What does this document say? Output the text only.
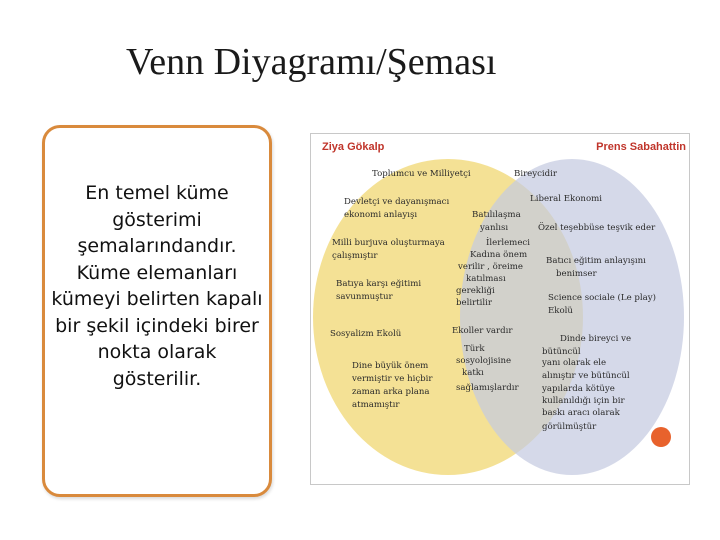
Venn Diyagramı/Şeması
En temel küme gösterimi şemalarındandır. Küme elemanları kümeyi belirten kapalı bir şekil içindeki birer nokta olarak gösterilir.
Ziya Gökalp	Prens Sabahattin
Toplumcu ve Milliyetçi
Devletçi ve dayanışmacı
ekonomi anlayışı
Milli burjuva oluşturmaya
çalışmıştır
Batıya karşı eğitimi
savunmuştur
Sosyalizm Ekolü
Dine büyük önem
vermiştir ve hiçbir
zaman arka plana
atmamıştır
Batılılaşma
yanlısı
İlerlemeci
Kadına önem
verilir , öreime
katılması
gerekliği
belirtilir
Ekoller vardır
Türk
sosyolojisine
katkı
sağlamışlardır
Bireycidir
Liberal Ekonomi
Özel teşebbüse teşvik eder
Batıcı eğitim anlayışını
benimser
Science sociale (Le play)
Ekolü
Dinde bireyci ve
bütüncül
yanı olarak ele
alınıştır ve bütüncül
yapılarda kötüye
kullanıldığı için bir
baskı aracı olarak
görülmüştür
